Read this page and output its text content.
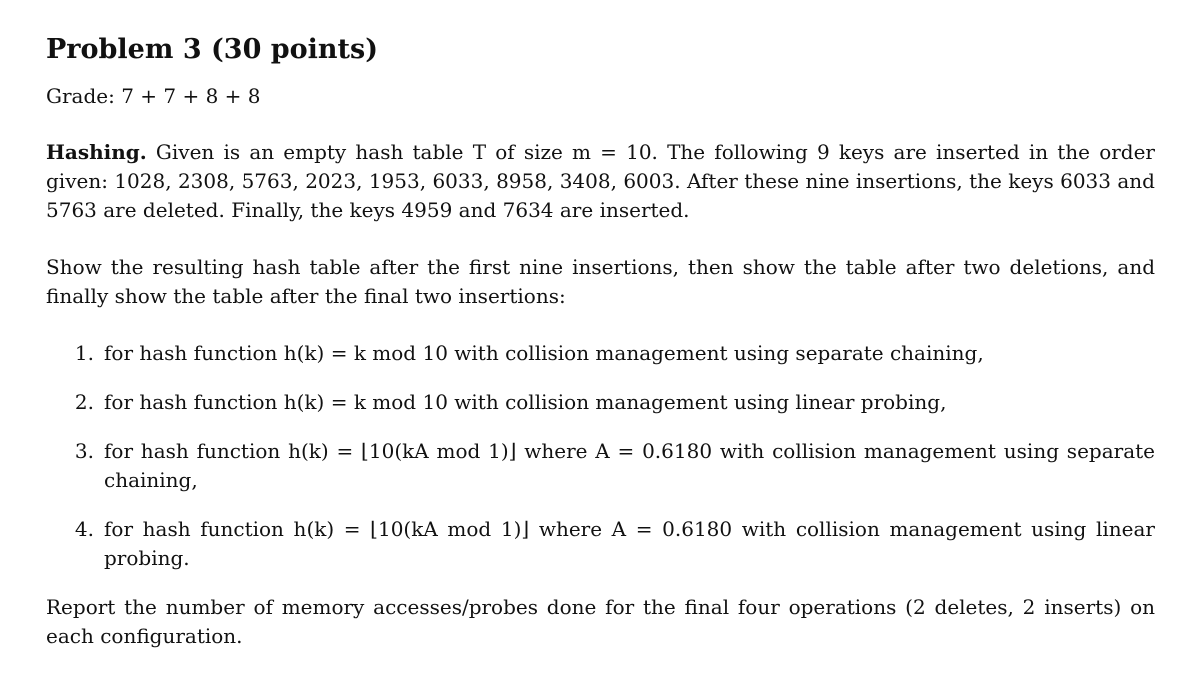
Problem 3 (30 points)
Grade: 7 + 7 + 8 + 8

Hashing. Given is an empty hash table T of size m = 10. The following 9 keys are inserted in the order given: 1028, 2308, 5763, 2023, 1953, 6033, 8958, 3408, 6003. After these nine insertions, the keys 6033 and 5763 are deleted. Finally, the keys 4959 and 7634 are inserted.

Show the resulting hash table after the first nine insertions, then show the table after two deletions, and finally show the table after the final two insertions:

1. for hash function h(k) = k mod 10 with collision management using separate chaining,
2. for hash function h(k) = k mod 10 with collision management using linear probing,
3. for hash function h(k) = ⌊10(kA mod 1)⌋ where A = 0.6180 with collision management using separate chaining,
4. for hash function h(k) = ⌊10(kA mod 1)⌋ where A = 0.6180 with collision management using linear probing.

Report the number of memory accesses/probes done for the final four operations (2 deletes, 2 inserts) on each configuration.
